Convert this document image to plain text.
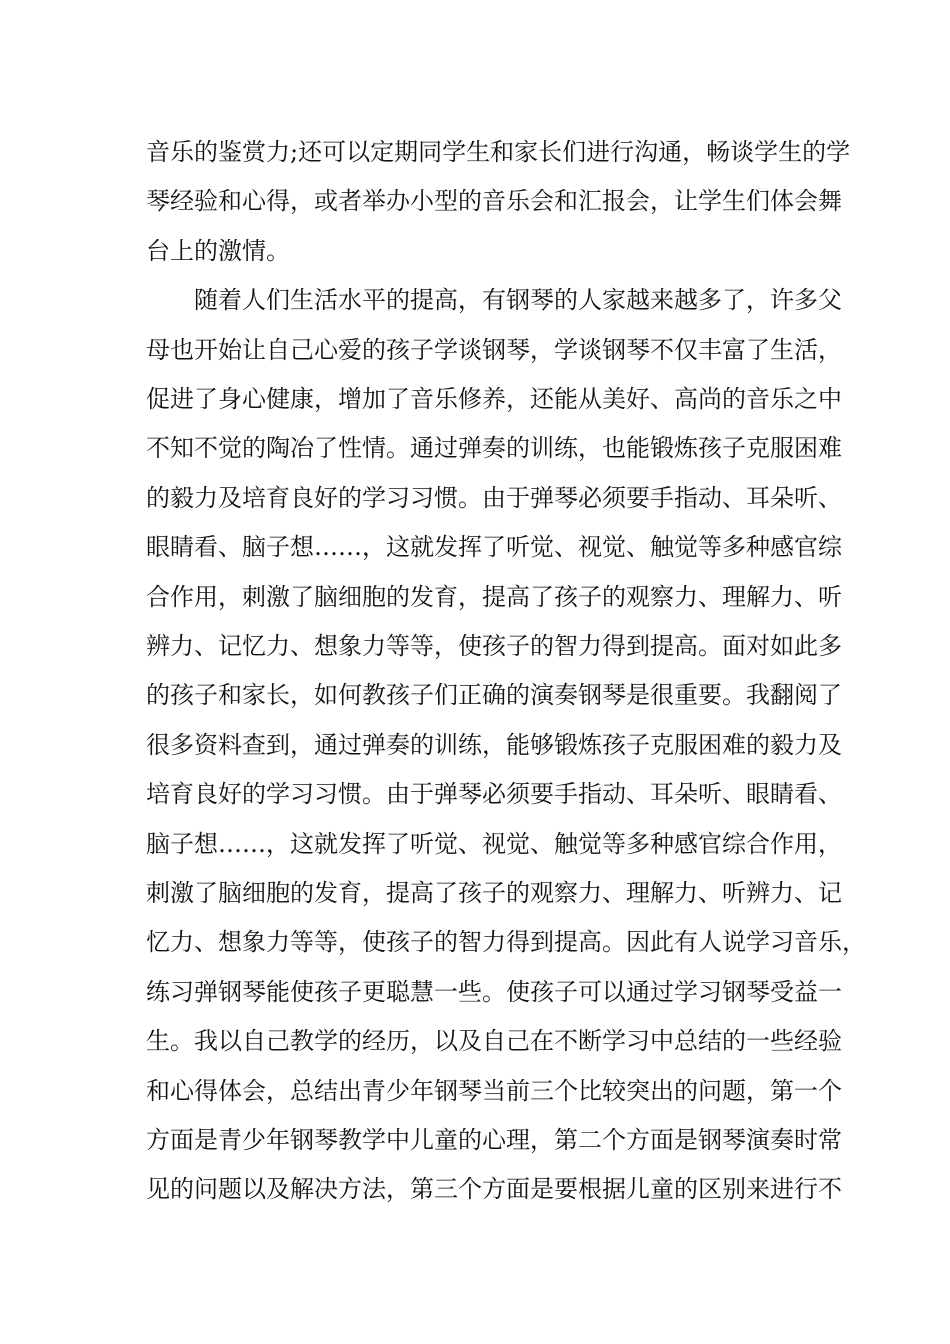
音乐的鉴赏力;还可以定期同学生和家长们进行沟通，畅谈学生的学
琴经验和心得，或者举办小型的音乐会和汇报会，让学生们体会舞
台上的激情。
随着人们生活水平的提高，有钢琴的人家越来越多了，许多父
母也开始让自己心爱的孩子学谈钢琴，学谈钢琴不仅丰富了生活，
促进了身心健康，增加了音乐修养，还能从美好、高尚的音乐之中
不知不觉的陶冶了性情。通过弹奏的训练，也能锻炼孩子克服困难
的毅力及培育良好的学习习惯。由于弹琴必须要手指动、耳朵听、
眼睛看、脑子想……，这就发挥了听觉、视觉、触觉等多种感官综
合作用，刺激了脑细胞的发育，提高了孩子的观察力、理解力、听
辨力、记忆力、想象力等等，使孩子的智力得到提高。面对如此多
的孩子和家长，如何教孩子们正确的演奏钢琴是很重要。我翻阅了
很多资料查到，通过弹奏的训练，能够锻炼孩子克服困难的毅力及
培育良好的学习习惯。由于弹琴必须要手指动、耳朵听、眼睛看、
脑子想……，这就发挥了听觉、视觉、触觉等多种感官综合作用，
刺激了脑细胞的发育，提高了孩子的观察力、理解力、听辨力、记
忆力、想象力等等，使孩子的智力得到提高。因此有人说学习音乐，
练习弹钢琴能使孩子更聪慧一些。使孩子可以通过学习钢琴受益一
生。我以自己教学的经历，以及自己在不断学习中总结的一些经验
和心得体会，总结出青少年钢琴当前三个比较突出的问题，第一个
方面是青少年钢琴教学中儿童的心理，第二个方面是钢琴演奏时常
见的问题以及解决方法，第三个方面是要根据儿童的区别来进行不
